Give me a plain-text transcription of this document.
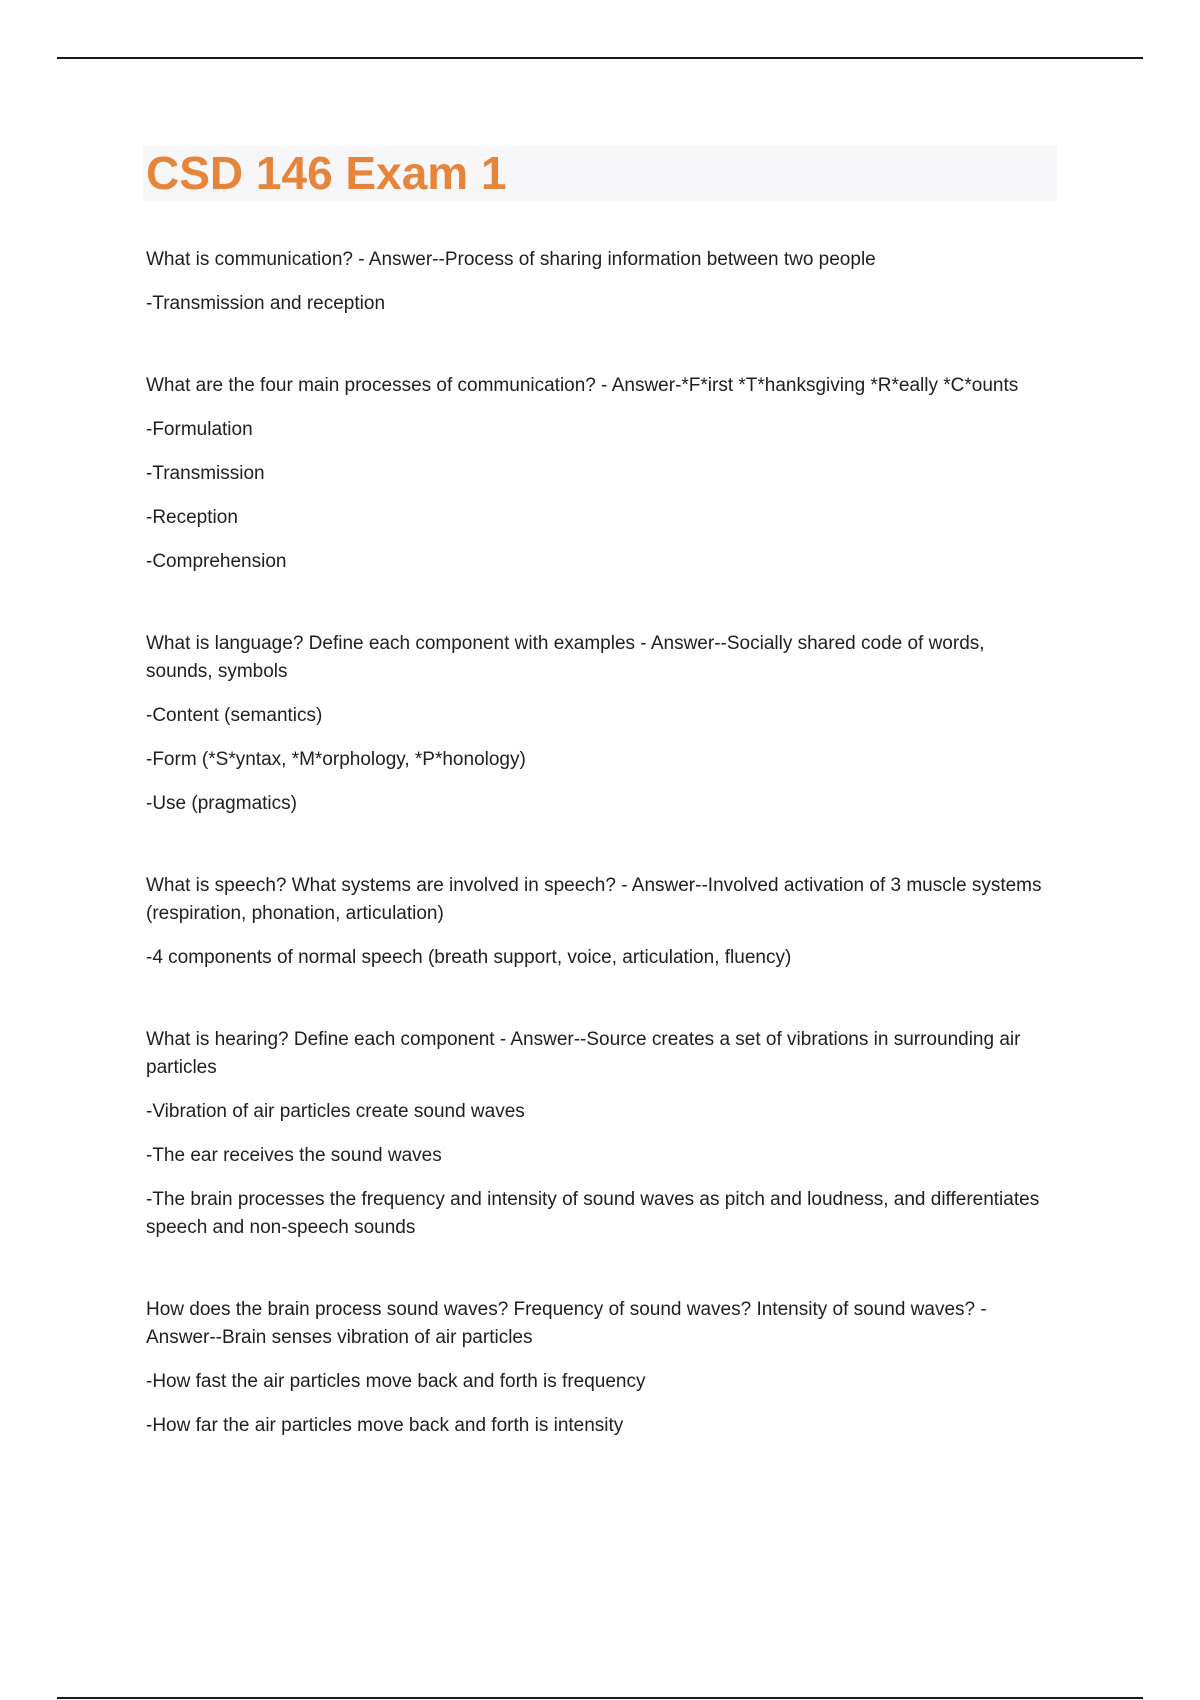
CSD 146 Exam 1

What is communication? - Answer--Process of sharing information between two people

-Transmission and reception

What are the four main processes of communication? - Answer-*F*irst *T*hanksgiving *R*eally *C*ounts

-Formulation

-Transmission

-Reception

-Comprehension

What is language? Define each component with examples - Answer--Socially shared code of words, sounds, symbols

-Content (semantics)

-Form (*S*yntax, *M*orphology, *P*honology)

-Use (pragmatics)

What is speech? What systems are involved in speech? - Answer--Involved activation of 3 muscle systems (respiration, phonation, articulation)

-4 components of normal speech (breath support, voice, articulation, fluency)

What is hearing? Define each component - Answer--Source creates a set of vibrations in surrounding air particles

-Vibration of air particles create sound waves

-The ear receives the sound waves

-The brain processes the frequency and intensity of sound waves as pitch and loudness, and differentiates speech and non-speech sounds

How does the brain process sound waves? Frequency of sound waves? Intensity of sound waves? - Answer--Brain senses vibration of air particles

-How fast the air particles move back and forth is frequency

-How far the air particles move back and forth is intensity
